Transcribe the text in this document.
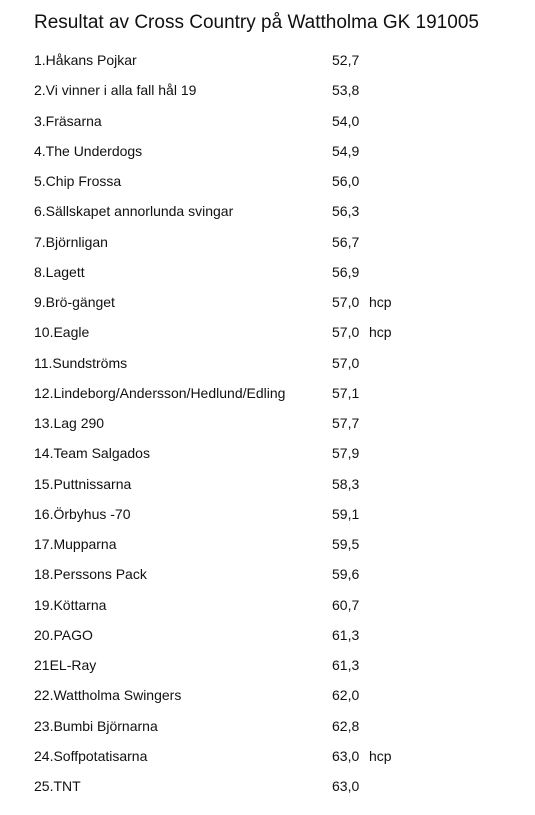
Resultat av Cross Country på Wattholma GK 191005
1.Håkans Pojkar	52,7
2.Vi vinner i alla fall hål 19	53,8
3.Fräsarna	54,0
4.The Underdogs	54,9
5.Chip Frossa	56,0
6.Sällskapet annorlunda svingar	56,3
7.Björnligan	56,7
8.Lagett	56,9
9.Brö-gänget	57,0 hcp
10.Eagle	57,0 hcp
11.Sundströms	57,0
12.Lindeborg/Andersson/Hedlund/Edling	57,1
13.Lag 290	57,7
14.Team Salgados	57,9
15.Puttnissarna	58,3
16.Örbyhus -70	59,1
17.Mupparna	59,5
18.Perssons Pack	59,6
19.Köttarna	60,7
20.PAGO	61,3
21EL-Ray	61,3
22.Wattholma Swingers	62,0
23.Bumbi Björnarna	62,8
24.Soffpotatisarna	63,0 hcp
25.TNT	63,0
